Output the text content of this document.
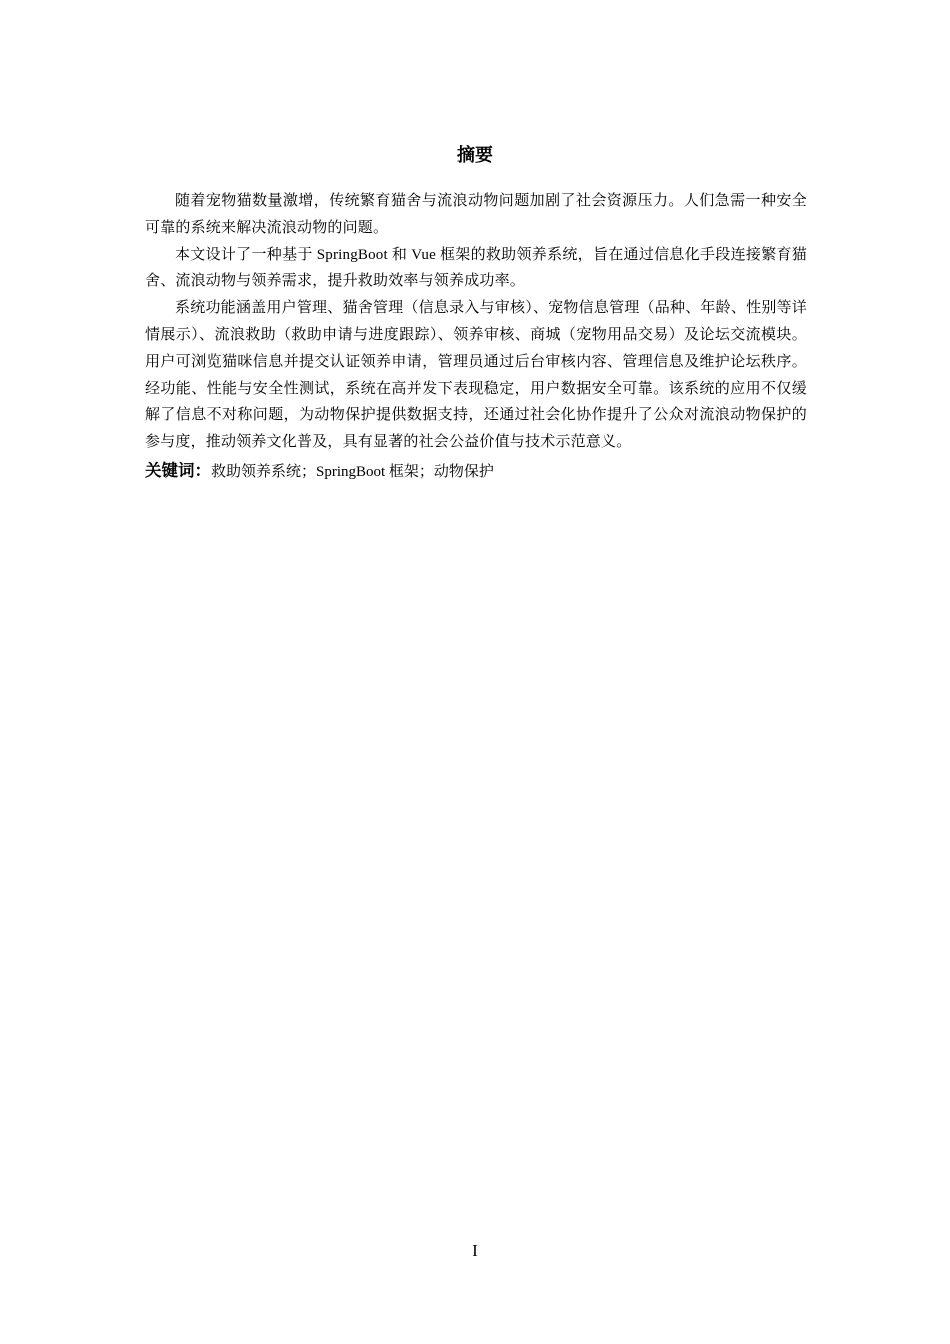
摘要

随着宠物猫数量激增，传统繁育猫舍与流浪动物问题加剧了社会资源压力。人们急需一种安全可靠的系统来解决流浪动物的问题。

本文设计了一种基于 SpringBoot 和 Vue 框架的救助领养系统，旨在通过信息化手段连接繁育猫舍、流浪动物与领养需求，提升救助效率与领养成功率。

系统功能涵盖用户管理、猫舍管理（信息录入与审核）、宠物信息管理（品种、年龄、性别等详情展示）、流浪救助（救助申请与进度跟踪）、领养审核、商城（宠物用品交易）及论坛交流模块。用户可浏览猫咪信息并提交认证领养申请，管理员通过后台审核内容、管理信息及维护论坛秩序。经功能、性能与安全性测试，系统在高并发下表现稳定，用户数据安全可靠。该系统的应用不仅缓解了信息不对称问题，为动物保护提供数据支持，还通过社会化协作提升了公众对流浪动物保护的参与度，推动领养文化普及，具有显著的社会公益价值与技术示范意义。

关键词：救助领养系统；SpringBoot 框架；动物保护

I
